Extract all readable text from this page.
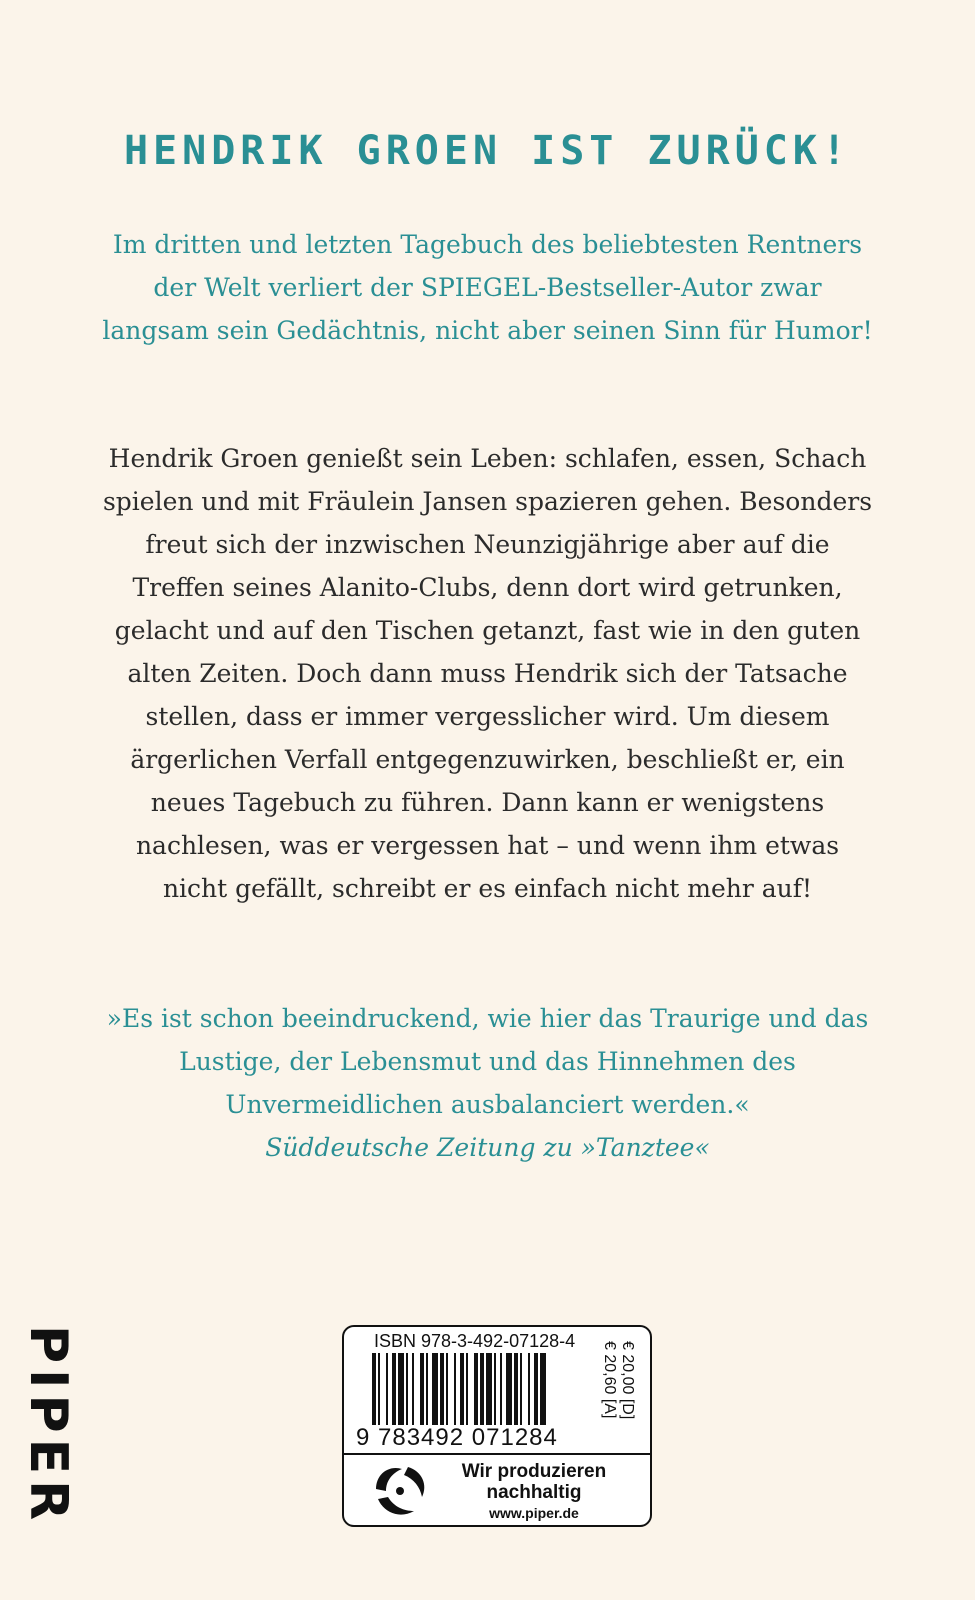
HENDRIK GROEN IST ZURÜCK!

Im dritten und letzten Tagebuch des beliebtesten Rentners der Welt verliert der SPIEGEL-Bestseller-Autor zwar langsam sein Gedächtnis, nicht aber seinen Sinn für Humor!

Hendrik Groen genießt sein Leben: schlafen, essen, Schach spielen und mit Fräulein Jansen spazieren gehen. Besonders freut sich der inzwischen Neunzigjährige aber auf die Treffen seines Alanito-Clubs, denn dort wird getrunken, gelacht und auf den Tischen getanzt, fast wie in den guten alten Zeiten. Doch dann muss Hendrik sich der Tatsache stellen, dass er immer vergesslicher wird. Um diesem ärgerlichen Verfall entgegenzuwirken, beschließt er, ein neues Tagebuch zu führen. Dann kann er wenigstens nachlesen, was er vergessen hat – und wenn ihm etwas nicht gefällt, schreibt er es einfach nicht mehr auf!

»Es ist schon beeindruckend, wie hier das Traurige und das Lustige, der Lebensmut und das Hinnehmen des Unvermeidlichen ausbalanciert werden.«
Süddeutsche Zeitung zu »Tanztee«
PIPER	ISBN 978-3-492-07128-4
9 783492 071284
€ 20,00 [D]
€ 20,60 [A]
Wir produzieren
nachhaltig
www.piper.de
